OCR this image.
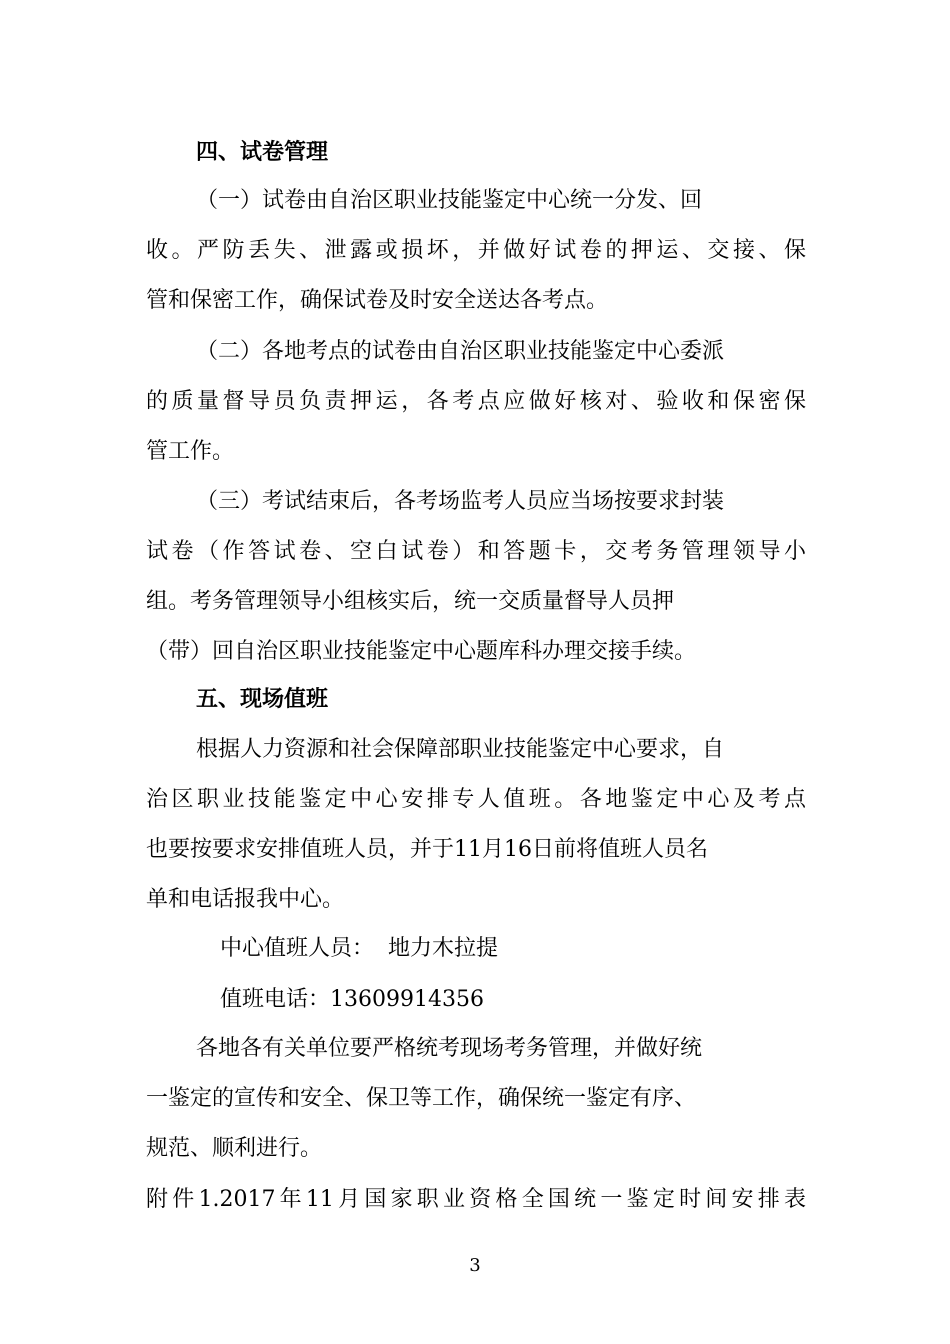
四、试卷管理
（一）试卷由自治区职业技能鉴定中心统一分发、回
收。严防丢失、泄露或损坏，并做好试卷的押运、交接、保
管和保密工作，确保试卷及时安全送达各考点。
（二）各地考点的试卷由自治区职业技能鉴定中心委派
的质量督导员负责押运，各考点应做好核对、验收和保密保
管工作。
（三）考试结束后，各考场监考人员应当场按要求封装
试卷（作答试卷、空白试卷）和答题卡，交考务管理领导小
组。考务管理领导小组核实后，统一交质量督导人员押
（带）回自治区职业技能鉴定中心题库科办理交接手续。
五、现场值班
根据人力资源和社会保障部职业技能鉴定中心要求，自
治区职业技能鉴定中心安排专人值班。各地鉴定中心及考点
也要按要求安排值班人员，并于11月16日前将值班人员名
单和电话报我中心。
中心值班人员：  地力木拉提
值班电话：13609914356
各地各有关单位要严格统考现场考务管理，并做好统
一鉴定的宣传和安全、保卫等工作，确保统一鉴定有序、
规范、顺利进行。
附件1.2017年11月国家职业资格全国统一鉴定时间安排表
3
